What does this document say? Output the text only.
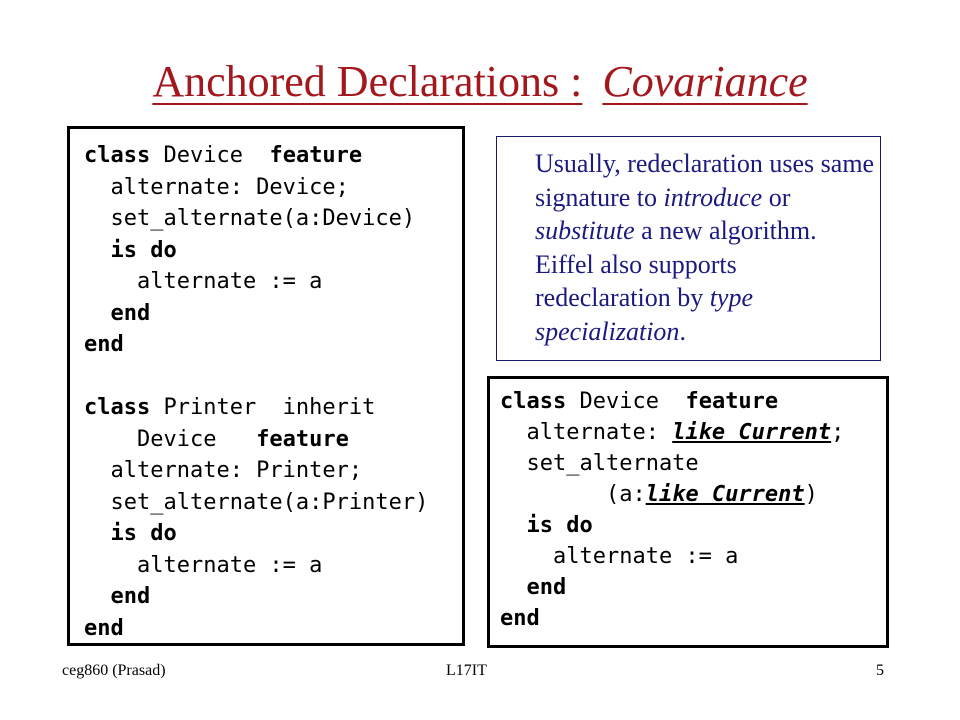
Anchored Declarations : Covariance
class Device  feature
alternate: Device;
set_alternate(a:Device)
is do
alternate := a
end
end

class Printer  inherit
Device   feature
alternate: Printer;
set_alternate(a:Printer)
is do
alternate := a
end
end

Usually, redeclaration uses same signature to introduce or substitute a new algorithm. Eiffel also supports redeclaration by type specialization.

class Device  feature
alternate: like Current;
set_alternate
(a:like Current)
is do
alternate := a
end
end
ceg860 (Prasad)	L17IT	5
